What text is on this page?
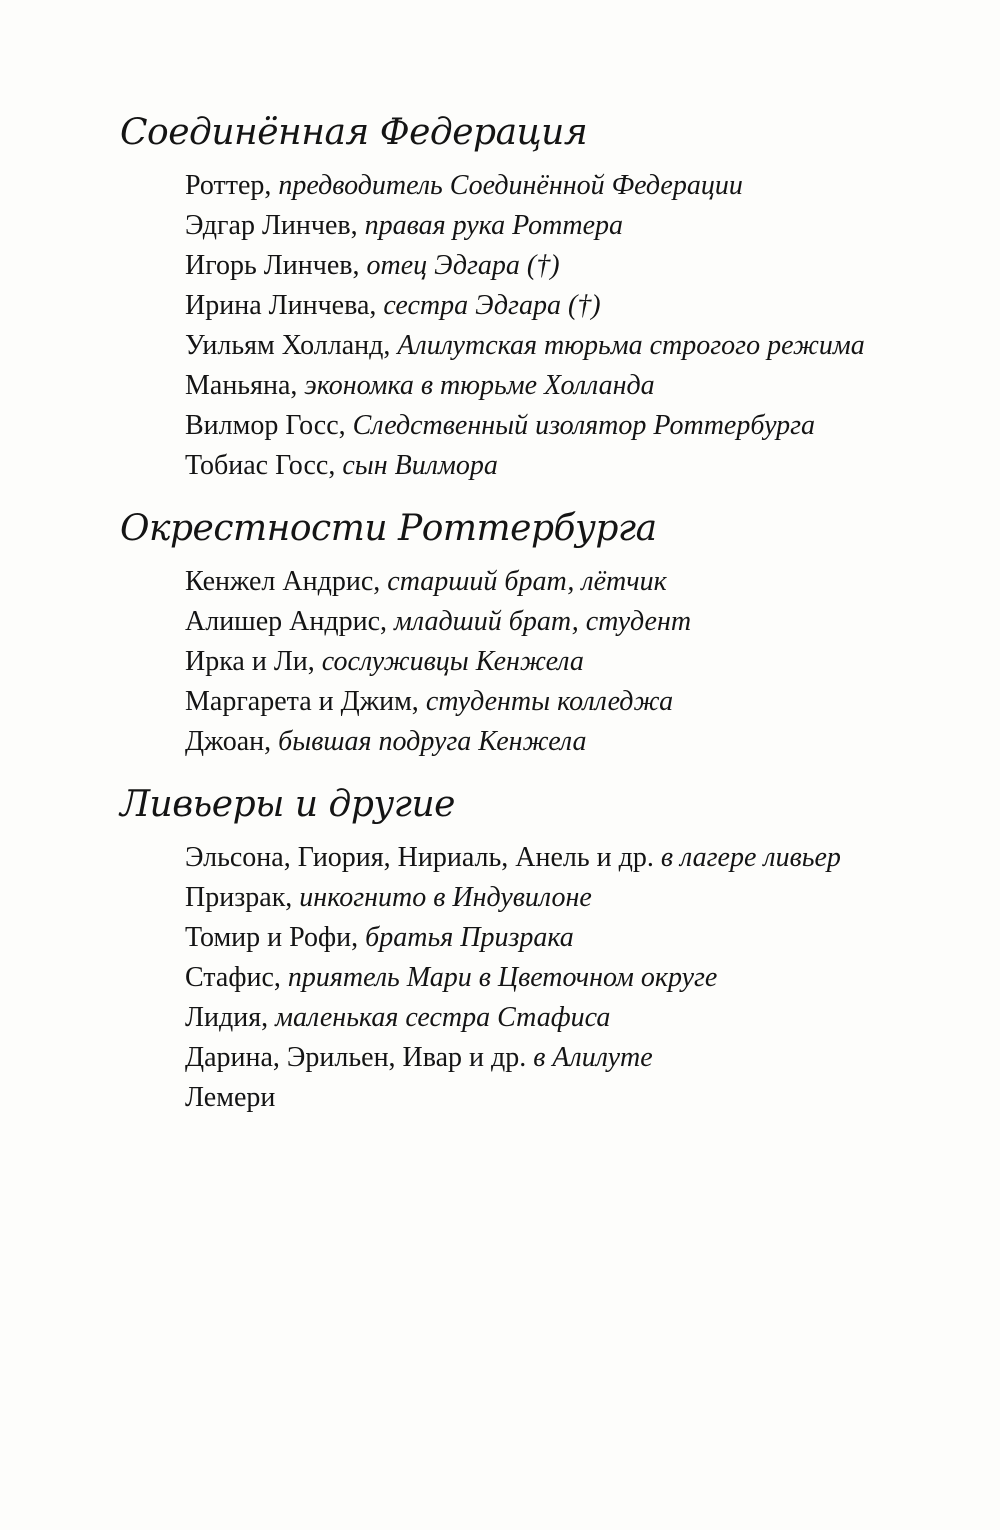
Соединённая Федерация
Роттер, предводитель Соединённой Федерации
Эдгар Линчев, правая рука Роттера
Игорь Линчев, отец Эдгара (†)
Ирина Линчева, сестра Эдгара (†)
Уильям Холланд, Алилутская тюрьма строгого режима
Маньяна, экономка в тюрьме Холланда
Вилмор Госс, Следственный изолятор Роттербурга
Тобиас Госс, сын Вилмора
Окрестности Роттербурга
Кенжел Андрис, старший брат, лётчик
Алишер Андрис, младший брат, студент
Ирка и Ли, сослуживцы Кенжела
Маргарета и Джим, студенты колледжа
Джоан, бывшая подруга Кенжела
Ливьеры и другие
Эльсона, Гиория, Нириаль, Анель и др. в лагере ливьер
Призрак, инкогнито в Индувилоне
Томир и Рофи, братья Призрака
Стафис, приятель Мари в Цветочном округе
Лидия, маленькая сестра Стафиса
Дарина, Эрильен, Ивар и др. в Алилуте
Лемери
